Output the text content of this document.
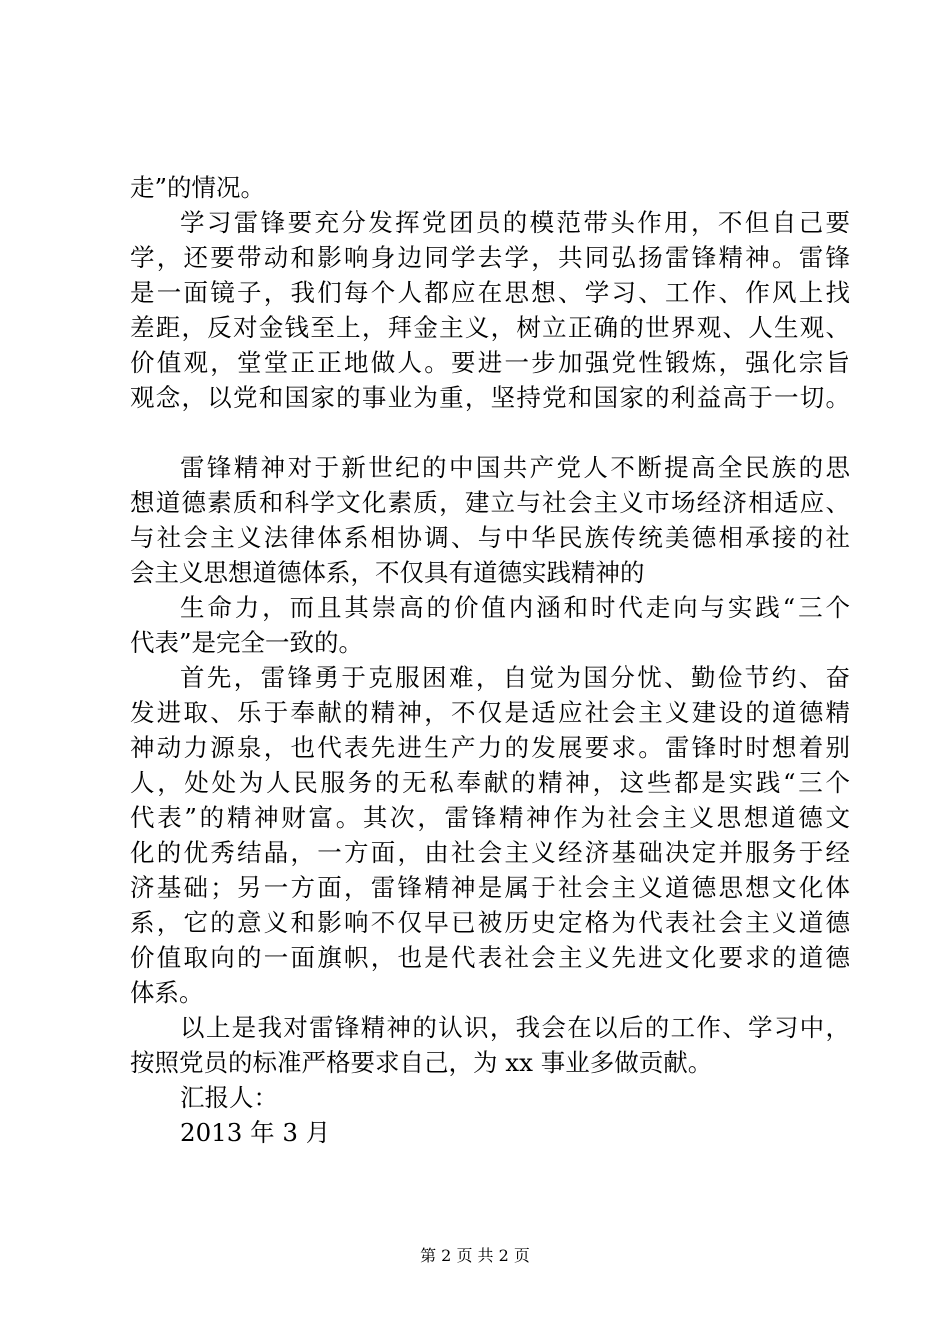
走”的情况。
学习雷锋要充分发挥党团员的模范带头作用，不但自己要
学，还要带动和影响身边同学去学，共同弘扬雷锋精神。雷锋
是一面镜子，我们每个人都应在思想、学习、工作、作风上找
差距，反对金钱至上，拜金主义，树立正确的世界观、人生观、
价值观，堂堂正正地做人。要进一步加强党性锻炼，强化宗旨
观念，以党和国家的事业为重，坚持党和国家的利益高于一切。
雷锋精神对于新世纪的中国共产党人不断提高全民族的思
想道德素质和科学文化素质，建立与社会主义市场经济相适应、
与社会主义法律体系相协调、与中华民族传统美德相承接的社
会主义思想道德体系，不仅具有道德实践精神的
生命力，而且其崇高的价值内涵和时代走向与实践“三个
代表”是完全一致的。
首先，雷锋勇于克服困难，自觉为国分忧、勤俭节约、奋
发进取、乐于奉献的精神，不仅是适应社会主义建设的道德精
神动力源泉，也代表先进生产力的发展要求。雷锋时时想着别
人，处处为人民服务的无私奉献的精神，这些都是实践“三个
代表”的精神财富。其次，雷锋精神作为社会主义思想道德文
化的优秀结晶，一方面，由社会主义经济基础决定并服务于经
济基础；另一方面，雷锋精神是属于社会主义道德思想文化体
系，它的意义和影响不仅早已被历史定格为代表社会主义道德
价值取向的一面旗帜，也是代表社会主义先进文化要求的道德
体系。
以上是我对雷锋精神的认识，我会在以后的工作、学习中，
按照党员的标准严格要求自己，为 xx 事业多做贡献。
汇报人：
2013 年 3 月
第 2 页 共 2 页
